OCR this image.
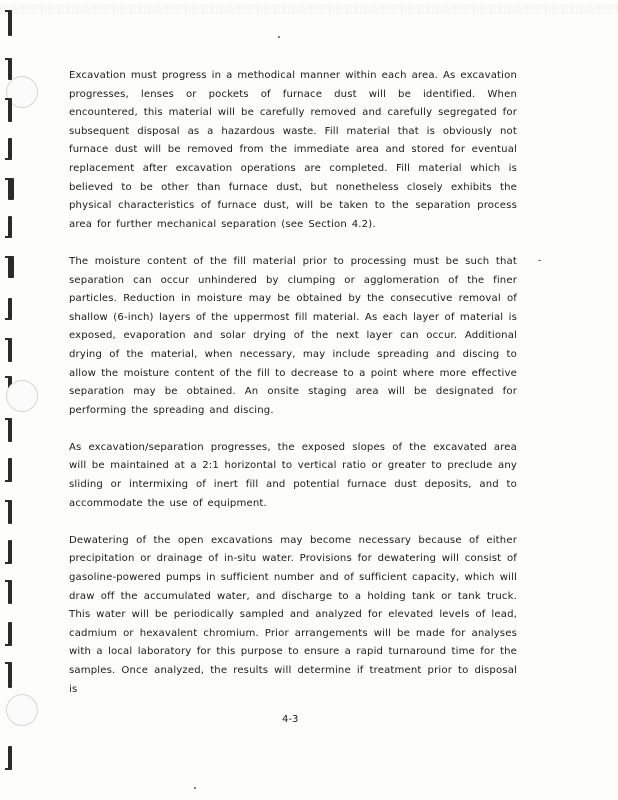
Excavation must progress in a methodical manner within each area. As excavation progresses, lenses or pockets of furnace dust will be identified. When encountered, this material will be carefully removed and carefully segregated for subsequent disposal as a hazardous waste. Fill material that is obviously not furnace dust will be removed from the immediate area and stored for eventual replacement after excavation operations are completed. Fill material which is believed to be other than furnace dust, but nonetheless closely exhibits the physical characteristics of furnace dust, will be taken to the separation process area for further mechanical separation (see Section 4.2).

The moisture content of the fill material prior to processing must be such that separation can occur unhindered by clumping or agglomeration of the finer particles. Reduction in moisture may be obtained by the consecutive removal of shallow (6-inch) layers of the uppermost fill material. As each layer of material is exposed, evaporation and solar drying of the next layer can occur. Additional drying of the material, when necessary, may include spreading and discing to allow the moisture content of the fill to decrease to a point where more effective separation may be obtained. An onsite staging area will be designated for performing the spreading and discing.

As excavation/separation progresses, the exposed slopes of the excavated area will be maintained at a 2:1 horizontal to vertical ratio or greater to preclude any sliding or intermixing of inert fill and potential furnace dust deposits, and to accommodate the use of equipment.

Dewatering of the open excavations may become necessary because of either precipitation or drainage of in-situ water. Provisions for dewatering will consist of gasoline-powered pumps in sufficient number and of sufficient capacity, which will draw off the accumulated water, and discharge to a holding tank or tank truck. This water will be periodically sampled and analyzed for elevated levels of lead, cadmium or hexavalent chromium. Prior arrangements will be made for analyses with a local laboratory for this purpose to ensure a rapid turnaround time for the samples. Once analyzed, the results will determine if treatment prior to disposal is

4-3
